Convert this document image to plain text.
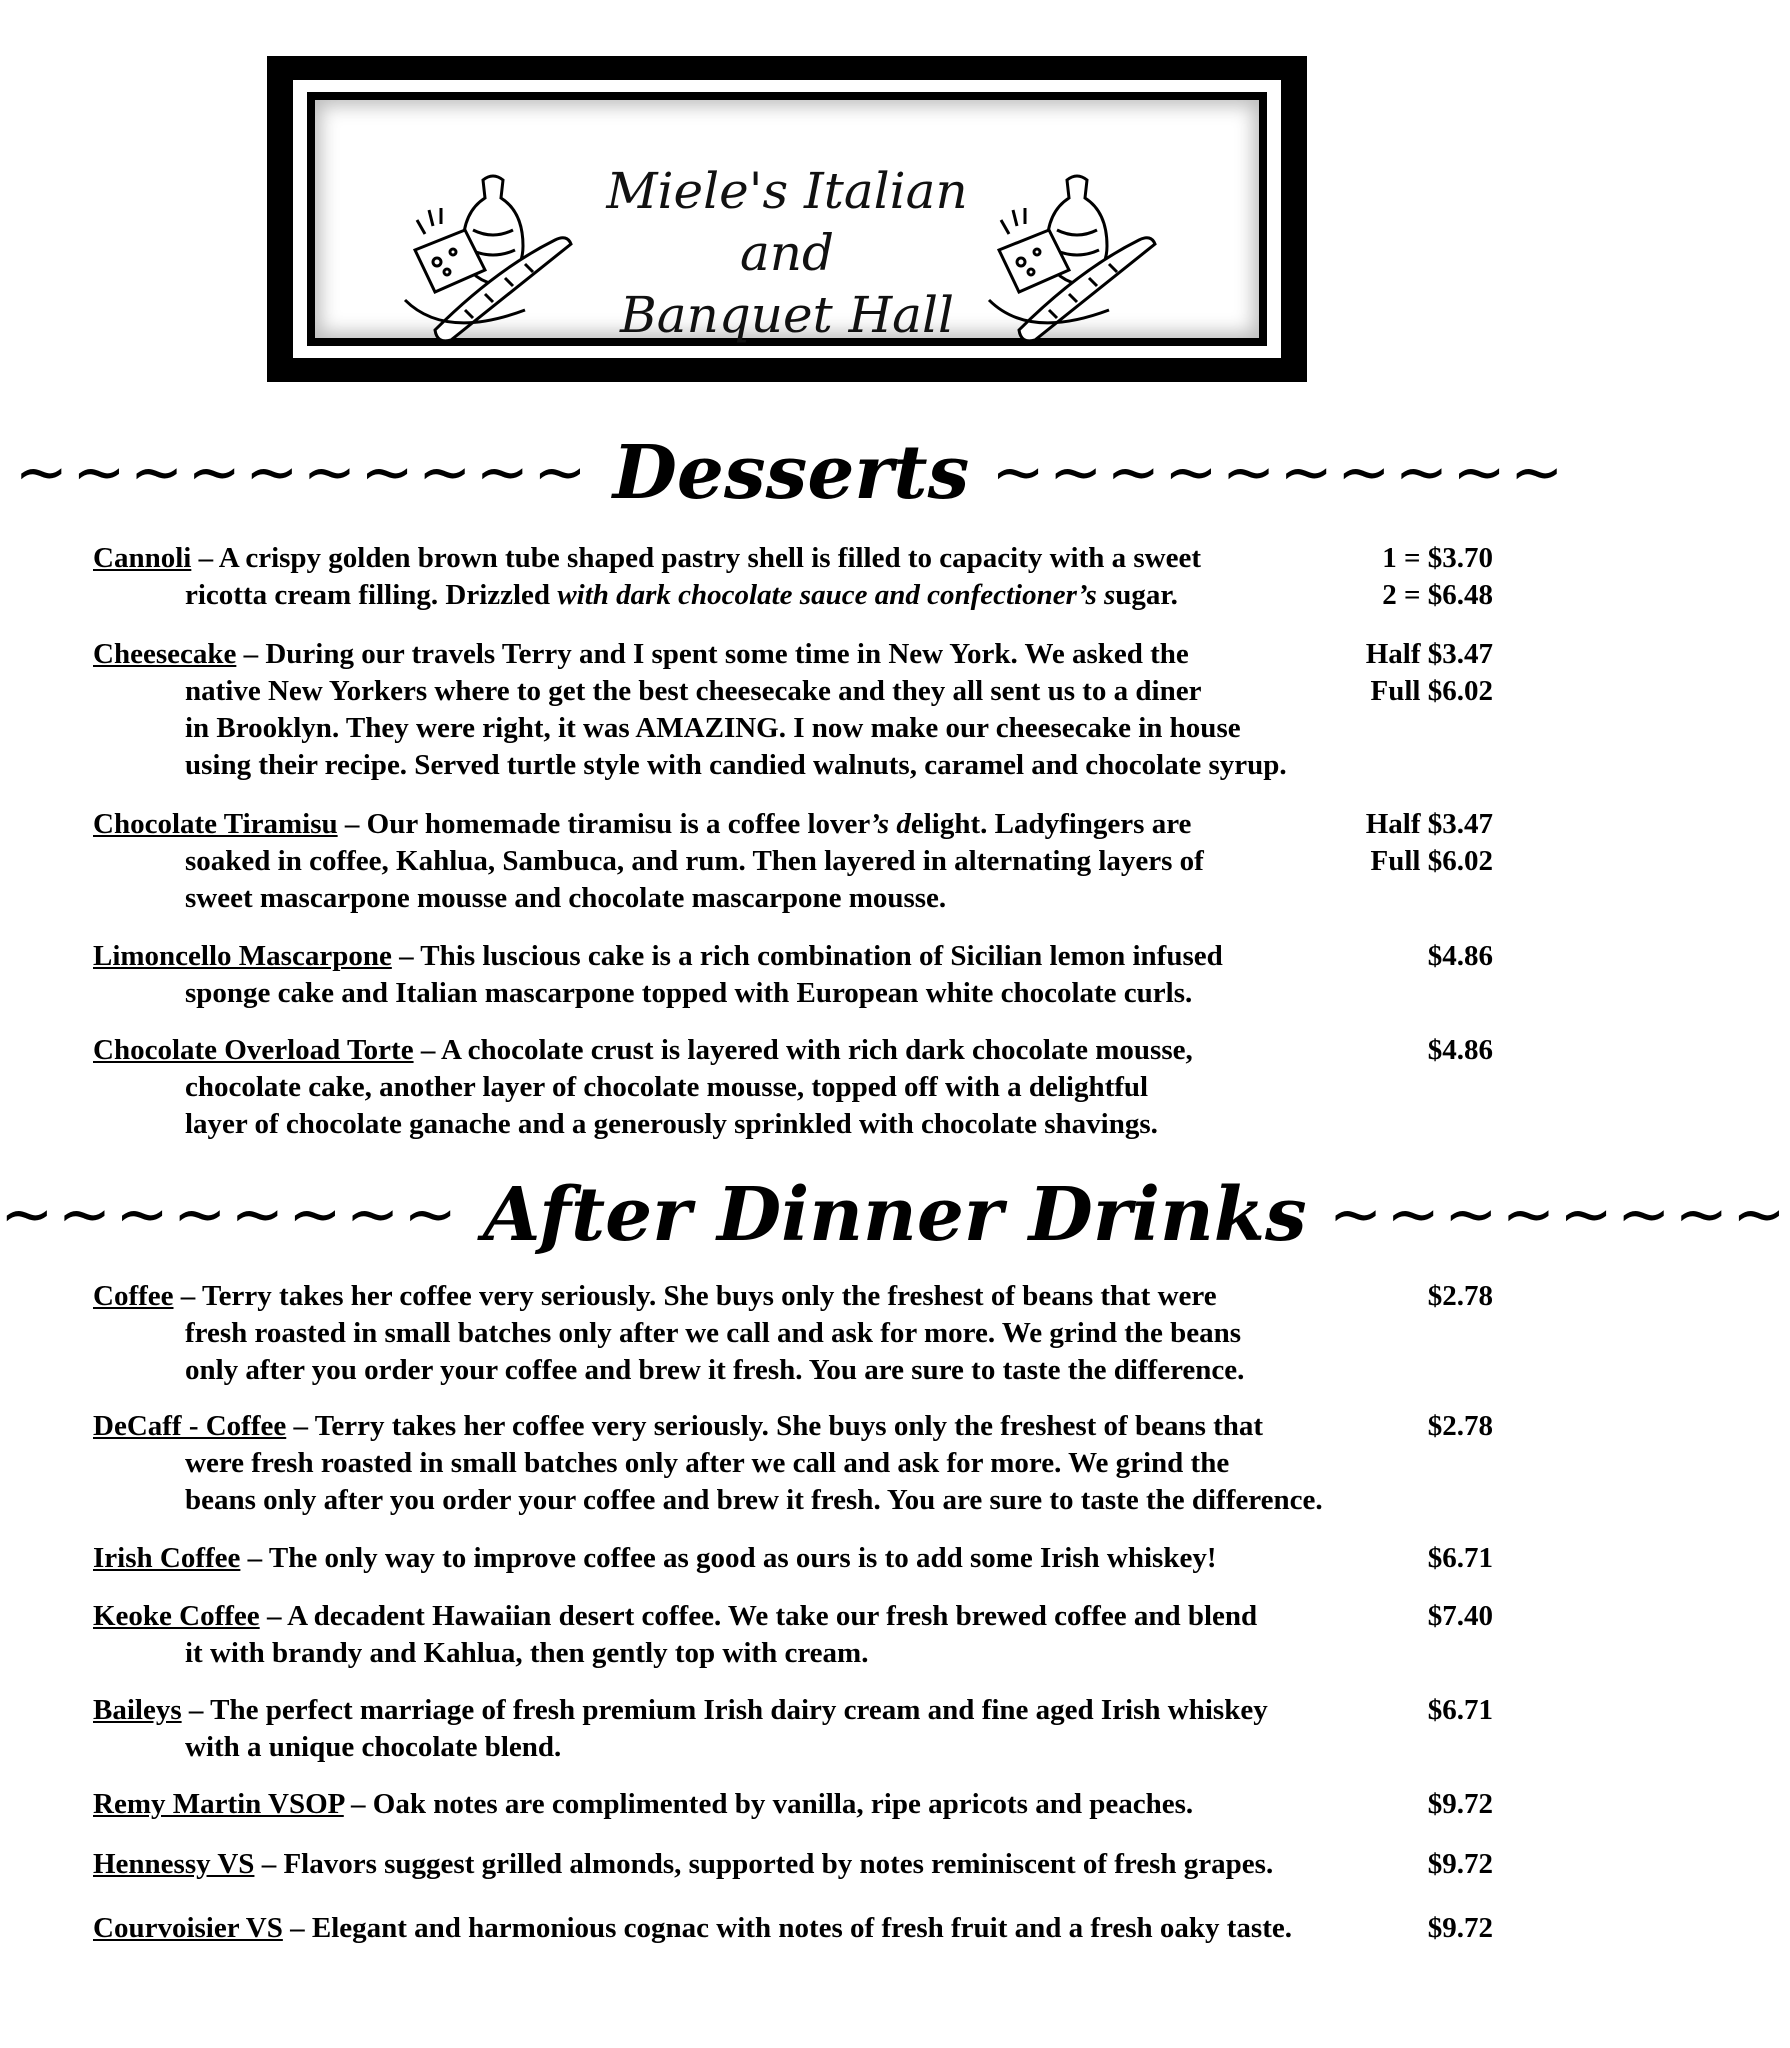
Miele's Italian
and
Banquet Hall
~~~~~~~~~~ Desserts ~~~~~~~~~~
1 = $3.70
2 = $6.48
Cannoli – A crispy golden brown tube shaped pastry shell is filled to capacity with a sweet
ricotta cream filling. Drizzled with dark chocolate sauce and confectioner’s sugar.
Half $3.47
Full $6.02
Cheesecake – During our travels Terry and I spent some time in New York. We asked the
native New Yorkers where to get the best cheesecake and they all sent us to a diner
in Brooklyn. They were right, it was AMAZING. I now make our cheesecake in house
using their recipe. Served turtle style with candied walnuts, caramel and chocolate syrup.
Half $3.47
Full $6.02
Chocolate Tiramisu – Our homemade tiramisu is a coffee lover’s delight. Ladyfingers are
soaked in coffee, Kahlua, Sambuca, and rum. Then layered in alternating layers of
sweet mascarpone mousse and chocolate mascarpone mousse.
$4.86
Limoncello Mascarpone – This luscious cake is a rich combination of Sicilian lemon infused
sponge cake and Italian mascarpone topped with European white chocolate curls.
$4.86
Chocolate Overload Torte – A chocolate crust is layered with rich dark chocolate mousse,
chocolate cake, another layer of chocolate mousse, topped off with a delightful
layer of chocolate ganache and a generously sprinkled with chocolate shavings.
~~~~~~~~ After Dinner Drinks ~~~~~~~~
$2.78
Coffee – Terry takes her coffee very seriously. She buys only the freshest of beans that were
fresh roasted in small batches only after we call and ask for more. We grind the beans
only after you order your coffee and brew it fresh. You are sure to taste the difference.
$2.78
DeCaff - Coffee – Terry takes her coffee very seriously. She buys only the freshest of beans that
were fresh roasted in small batches only after we call and ask for more. We grind the
beans only after you order your coffee and brew it fresh. You are sure to taste the difference.
$6.71
Irish Coffee – The only way to improve coffee as good as ours is to add some Irish whiskey!
$7.40
Keoke Coffee – A decadent Hawaiian desert coffee. We take our fresh brewed coffee and blend
it with brandy and Kahlua, then gently top with cream.
$6.71
Baileys – The perfect marriage of fresh premium Irish dairy cream and fine aged Irish whiskey
with a unique chocolate blend.
$9.72
Remy Martin VSOP – Oak notes are complimented by vanilla, ripe apricots and peaches.
$9.72
Hennessy VS – Flavors suggest grilled almonds, supported by notes reminiscent of fresh grapes.
$9.72
Courvoisier VS – Elegant and harmonious cognac with notes of fresh fruit and a fresh oaky taste.
